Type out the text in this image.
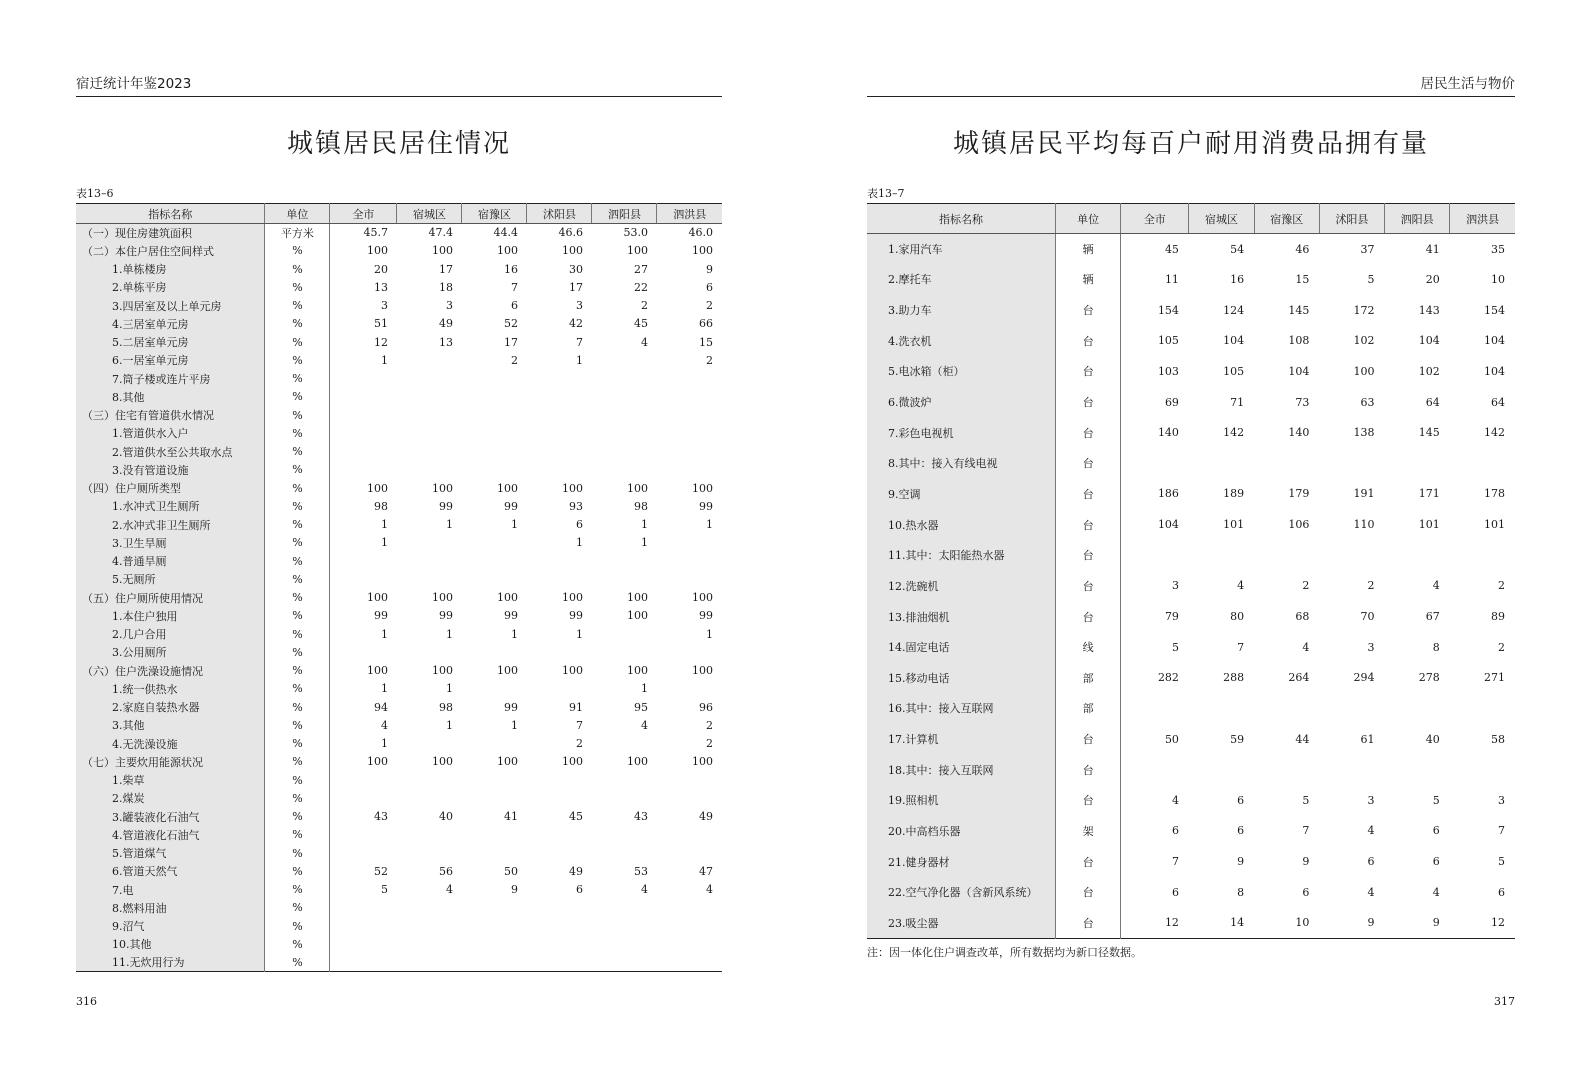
宿迁统计年鉴2023
城镇居民居住情况
表13–6
指标名称	单位	全市	宿城区	宿豫区	沭阳县	泗阳县	泗洪县
（一）现住房建筑面积	平方米	45.7	47.4	44.4	46.6	53.0	46.0
（二）本住户居住空间样式	%	100	100	100	100	100	100
1.单栋楼房	%	20	17	16	30	27	9
2.单栋平房	%	13	18	7	17	22	6
3.四居室及以上单元房	%	3	3	6	3	2	2
4.三居室单元房	%	51	49	52	42	45	66
5.二居室单元房	%	12	13	17	7	4	15
6.一居室单元房	%	1		2	1		2
7.筒子楼或连片平房	%						
8.其他	%						
（三）住宅有管道供水情况	%						
1.管道供水入户	%						
2.管道供水至公共取水点	%						
3.没有管道设施	%						
（四）住户厕所类型	%	100	100	100	100	100	100
1.水冲式卫生厕所	%	98	99	99	93	98	99
2.水冲式非卫生厕所	%	1	1	1	6	1	1
3.卫生旱厕	%	1			1	1	
4.普通旱厕	%						
5.无厕所	%						
（五）住户厕所使用情况	%	100	100	100	100	100	100
1.本住户独用	%	99	99	99	99	100	99
2.几户合用	%	1	1	1	1		1
3.公用厕所	%						
（六）住户洗澡设施情况	%	100	100	100	100	100	100
1.统一供热水	%	1	1			1	
2.家庭自装热水器	%	94	98	99	91	95	96
3.其他	%	4	1	1	7	4	2
4.无洗澡设施	%	1			2		2
（七）主要炊用能源状况	%	100	100	100	100	100	100
1.柴草	%						
2.煤炭	%						
3.罐装液化石油气	%	43	40	41	45	43	49
4.管道液化石油气	%						
5.管道煤气	%						
6.管道天然气	%	52	56	50	49	53	47
7.电	%	5	4	9	6	4	4
8.燃料用油	%						
9.沼气	%						
10.其他	%						
11.无炊用行为	%						
316
居民生活与物价
城镇居民平均每百户耐用消费品拥有量
表13–7
指标名称	单位	全市	宿城区	宿豫区	沭阳县	泗阳县	泗洪县
1.家用汽车	辆	45	54	46	37	41	35
2.摩托车	辆	11	16	15	5	20	10
3.助力车	台	154	124	145	172	143	154
4.洗衣机	台	105	104	108	102	104	104
5.电冰箱（柜）	台	103	105	104	100	102	104
6.微波炉	台	69	71	73	63	64	64
7.彩色电视机	台	140	142	140	138	145	142
8.其中：接入有线电视	台						
9.空调	台	186	189	179	191	171	178
10.热水器	台	104	101	106	110	101	101
11.其中：太阳能热水器	台						
12.洗碗机	台	3	4	2	2	4	2
13.排油烟机	台	79	80	68	70	67	89
14.固定电话	线	5	7	4	3	8	2
15.移动电话	部	282	288	264	294	278	271
16.其中：接入互联网	部						
17.计算机	台	50	59	44	61	40	58
18.其中：接入互联网	台						
19.照相机	台	4	6	5	3	5	3
20.中高档乐器	架	6	6	7	4	6	7
21.健身器材	台	7	9	9	6	6	5
22.空气净化器（含新风系统）	台	6	8	6	4	4	6
23.吸尘器	台	12	14	10	9	9	12
注：因一体化住户调查改革，所有数据均为新口径数据。
317
